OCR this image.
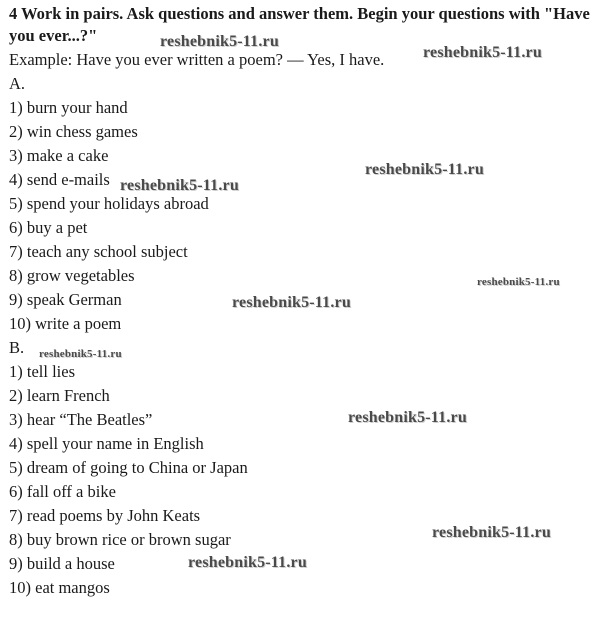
4 Work in pairs. Ask questions and answer them. Begin your questions with "Have you ever...?"

Example: Have you ever written a poem? — Yes, I have.
A.
1) burn your hand
2) win chess games
3) make a cake
4) send e-mails
5) spend your holidays abroad
6) buy a pet
7) teach any school subject
8) grow vegetables
9) speak German
10) write a poem
B.
1) tell lies
2) learn French
3) hear “The Beatles”
4) spell your name in English
5) dream of going to China or Japan
6) fall off a bike
7) read poems by John Keats
8) buy brown rice or brown sugar
9) build a house
10) eat mangos
reshebnik5-11.ru
reshebnik5-11.ru
reshebnik5-11.ru
reshebnik5-11.ru
reshebnik5-11.ru
reshebnik5-11.ru
reshebnik5-11.ru
reshebnik5-11.ru
reshebnik5-11.ru
reshebnik5-11.ru
